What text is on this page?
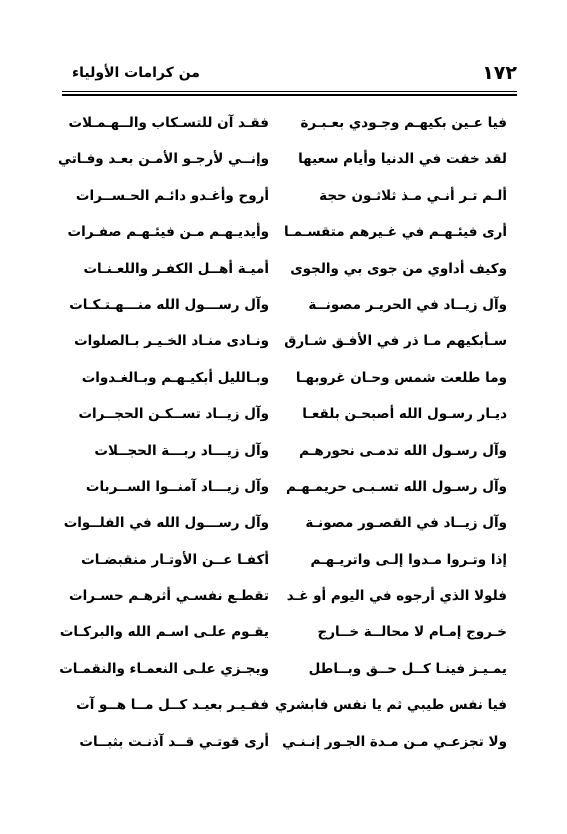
١٧٢
من كرامات الأولياء
فيا عـين بكيهـم وجـودي بعـبـرة
فقـد آن للتسـكاب والــهـمـلات
لقد خفت في الدنيا وأيام سعيها
وإنــي لأرجـو الأمـن بعـد وفـاتي
ألـم تـر أنـي مـذ ثلاثـون حجة
أروح وأغـدو دائـم الحـســرات
أرى فيئـهـم في غـيرهم متقسـمـا
وأيديـهـم مـن فيئـهـم صفـرات
وكيف أداوي من جوى بي والجوى
أميـة أهــل الكفـر واللعـنـات
وآل زيــاد في الحريـر مصونــة
وآل رســـول الله منـــهـتـكـات
سـأبكيهم مـا ذر في الأفـق شـارق
ونـادى منـاد الخـيـر بـالصلوات
وما طلعت شمس وحـان غروبهـا
وبـالليل أبكيـهـم وبـالغـدوات
ديـار رسـول الله أصبحـن بلقعـا
وآل زيــاد تســكـن الحجــرات
وآل رسـول الله تدمـى نحورهـم
وآل زيـــاد ربـــة الحجــلات
وآل رسـول الله تسـبـى حريمـهـم
وآل زيـــاد آمنــوا الســربات
وآل زيــاد في القصـور مصونـة
وآل رســـول الله في الفلــوات
إذا وتـروا مـدوا إلـى واتريـهـم
أكفـا عــن الأوتـار منقبضـات
فلولا الذي أرجوه في اليوم أو غـد
تقطـع نفسـي أثرهـم حسـرات
خـروج إمـام لا محالــة خــارج
يقـوم علـى اسـم الله والبركـات
يمـيـز فينـا كــل حــق وبــاطل
ويجـزي علـى النعمـاء والنقمـات
فيا نفس طيبي ثم يا نفس فابشري
ففـيـر بعيـد كــل مــا هــو آت
ولا تجزعـي مـن مـدة الجـور إنـنـي
أرى قوتـي قــد آذنـت بثبــات
